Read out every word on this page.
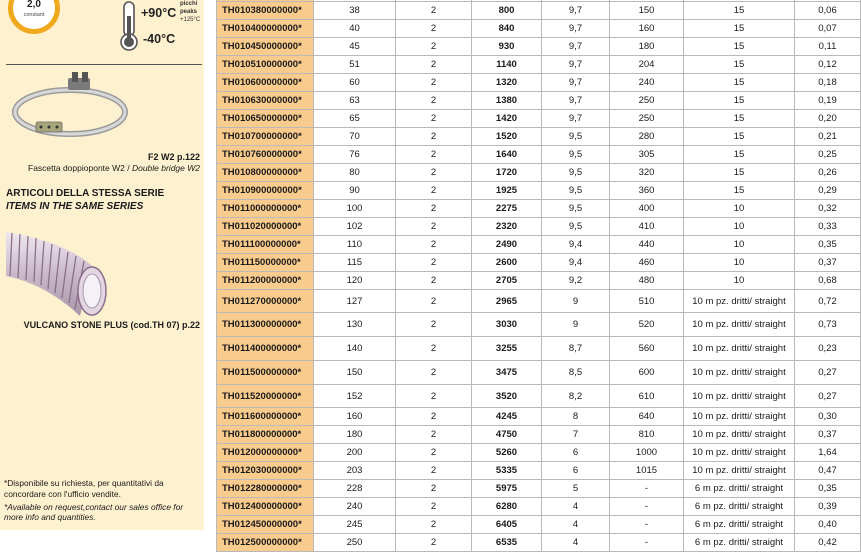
2,0
constant	+90°C
-40°C
picchi
peaks
+125°C
F2 W2 p.122
Fascetta doppioponte W2 / Double bridge W2
ARTICOLI DELLA STESSA SERIE
ITEMS IN THE SAME SERIES
VULCANO STONE PLUS (cod.TH 07) p.22
*Disponibile su richiesta, per quantitativi da concordare con l'ufficio vendite.
*Available on request,contact our sales office for more info and quantities.

TH010380000000*	38	2	800	9,7	150	15	0,06
TH010400000000*	40	2	840	9,7	160	15	0,07
TH010450000000*	45	2	930	9,7	180	15	0,11
TH010510000000*	51	2	1140	9,7	204	15	0,12
TH010600000000*	60	2	1320	9,7	240	15	0,18
TH010630000000*	63	2	1380	9,7	250	15	0,19
TH010650000000*	65	2	1420	9,7	250	15	0,20
TH010700000000*	70	2	1520	9,5	280	15	0,21
TH010760000000*	76	2	1640	9,5	305	15	0,25
TH010800000000*	80	2	1720	9,5	320	15	0,26
TH010900000000*	90	2	1925	9,5	360	15	0,29
TH011000000000*	100	2	2275	9,5	400	10	0,32
TH011020000000*	102	2	2320	9,5	410	10	0,33
TH011100000000*	110	2	2490	9,4	440	10	0,35
TH011150000000*	115	2	2600	9,4	460	10	0,37
TH011200000000*	120	2	2705	9,2	480	10	0,68
TH011270000000*	127	2	2965	9	510	10 m pz. dritti/ straight	0,72
TH011300000000*	130	2	3030	9	520	10 m pz. dritti/ straight	0,73
TH011400000000*	140	2	3255	8,7	560	10 m pz. dritti/ straight	0,23
TH011500000000*	150	2	3475	8,5	600	10 m pz. dritti/ straight	0,27
TH011520000000*	152	2	3520	8,2	610	10 m pz. dritti/ straight	0,27
TH011600000000*	160	2	4245	8	640	10 m pz. dritti/ straight	0,30
TH011800000000*	180	2	4750	7	810	10 m pz. dritti/ straight	0,37
TH012000000000*	200	2	5260	6	1000	10 m pz. dritti/ straight	1,64
TH012030000000*	203	2	5335	6	1015	10 m pz. dritti/ straight	0,47
TH012280000000*	228	2	5975	5	-	6 m pz. dritti/ straight	0,35
TH012400000000*	240	2	6280	4	-	6 m pz. dritti/ straight	0,39
TH012450000000*	245	2	6405	4	-	6 m pz. dritti/ straight	0,40
TH012500000000*	250	2	6535	4	-	6 m pz. dritti/ straight	0,42
